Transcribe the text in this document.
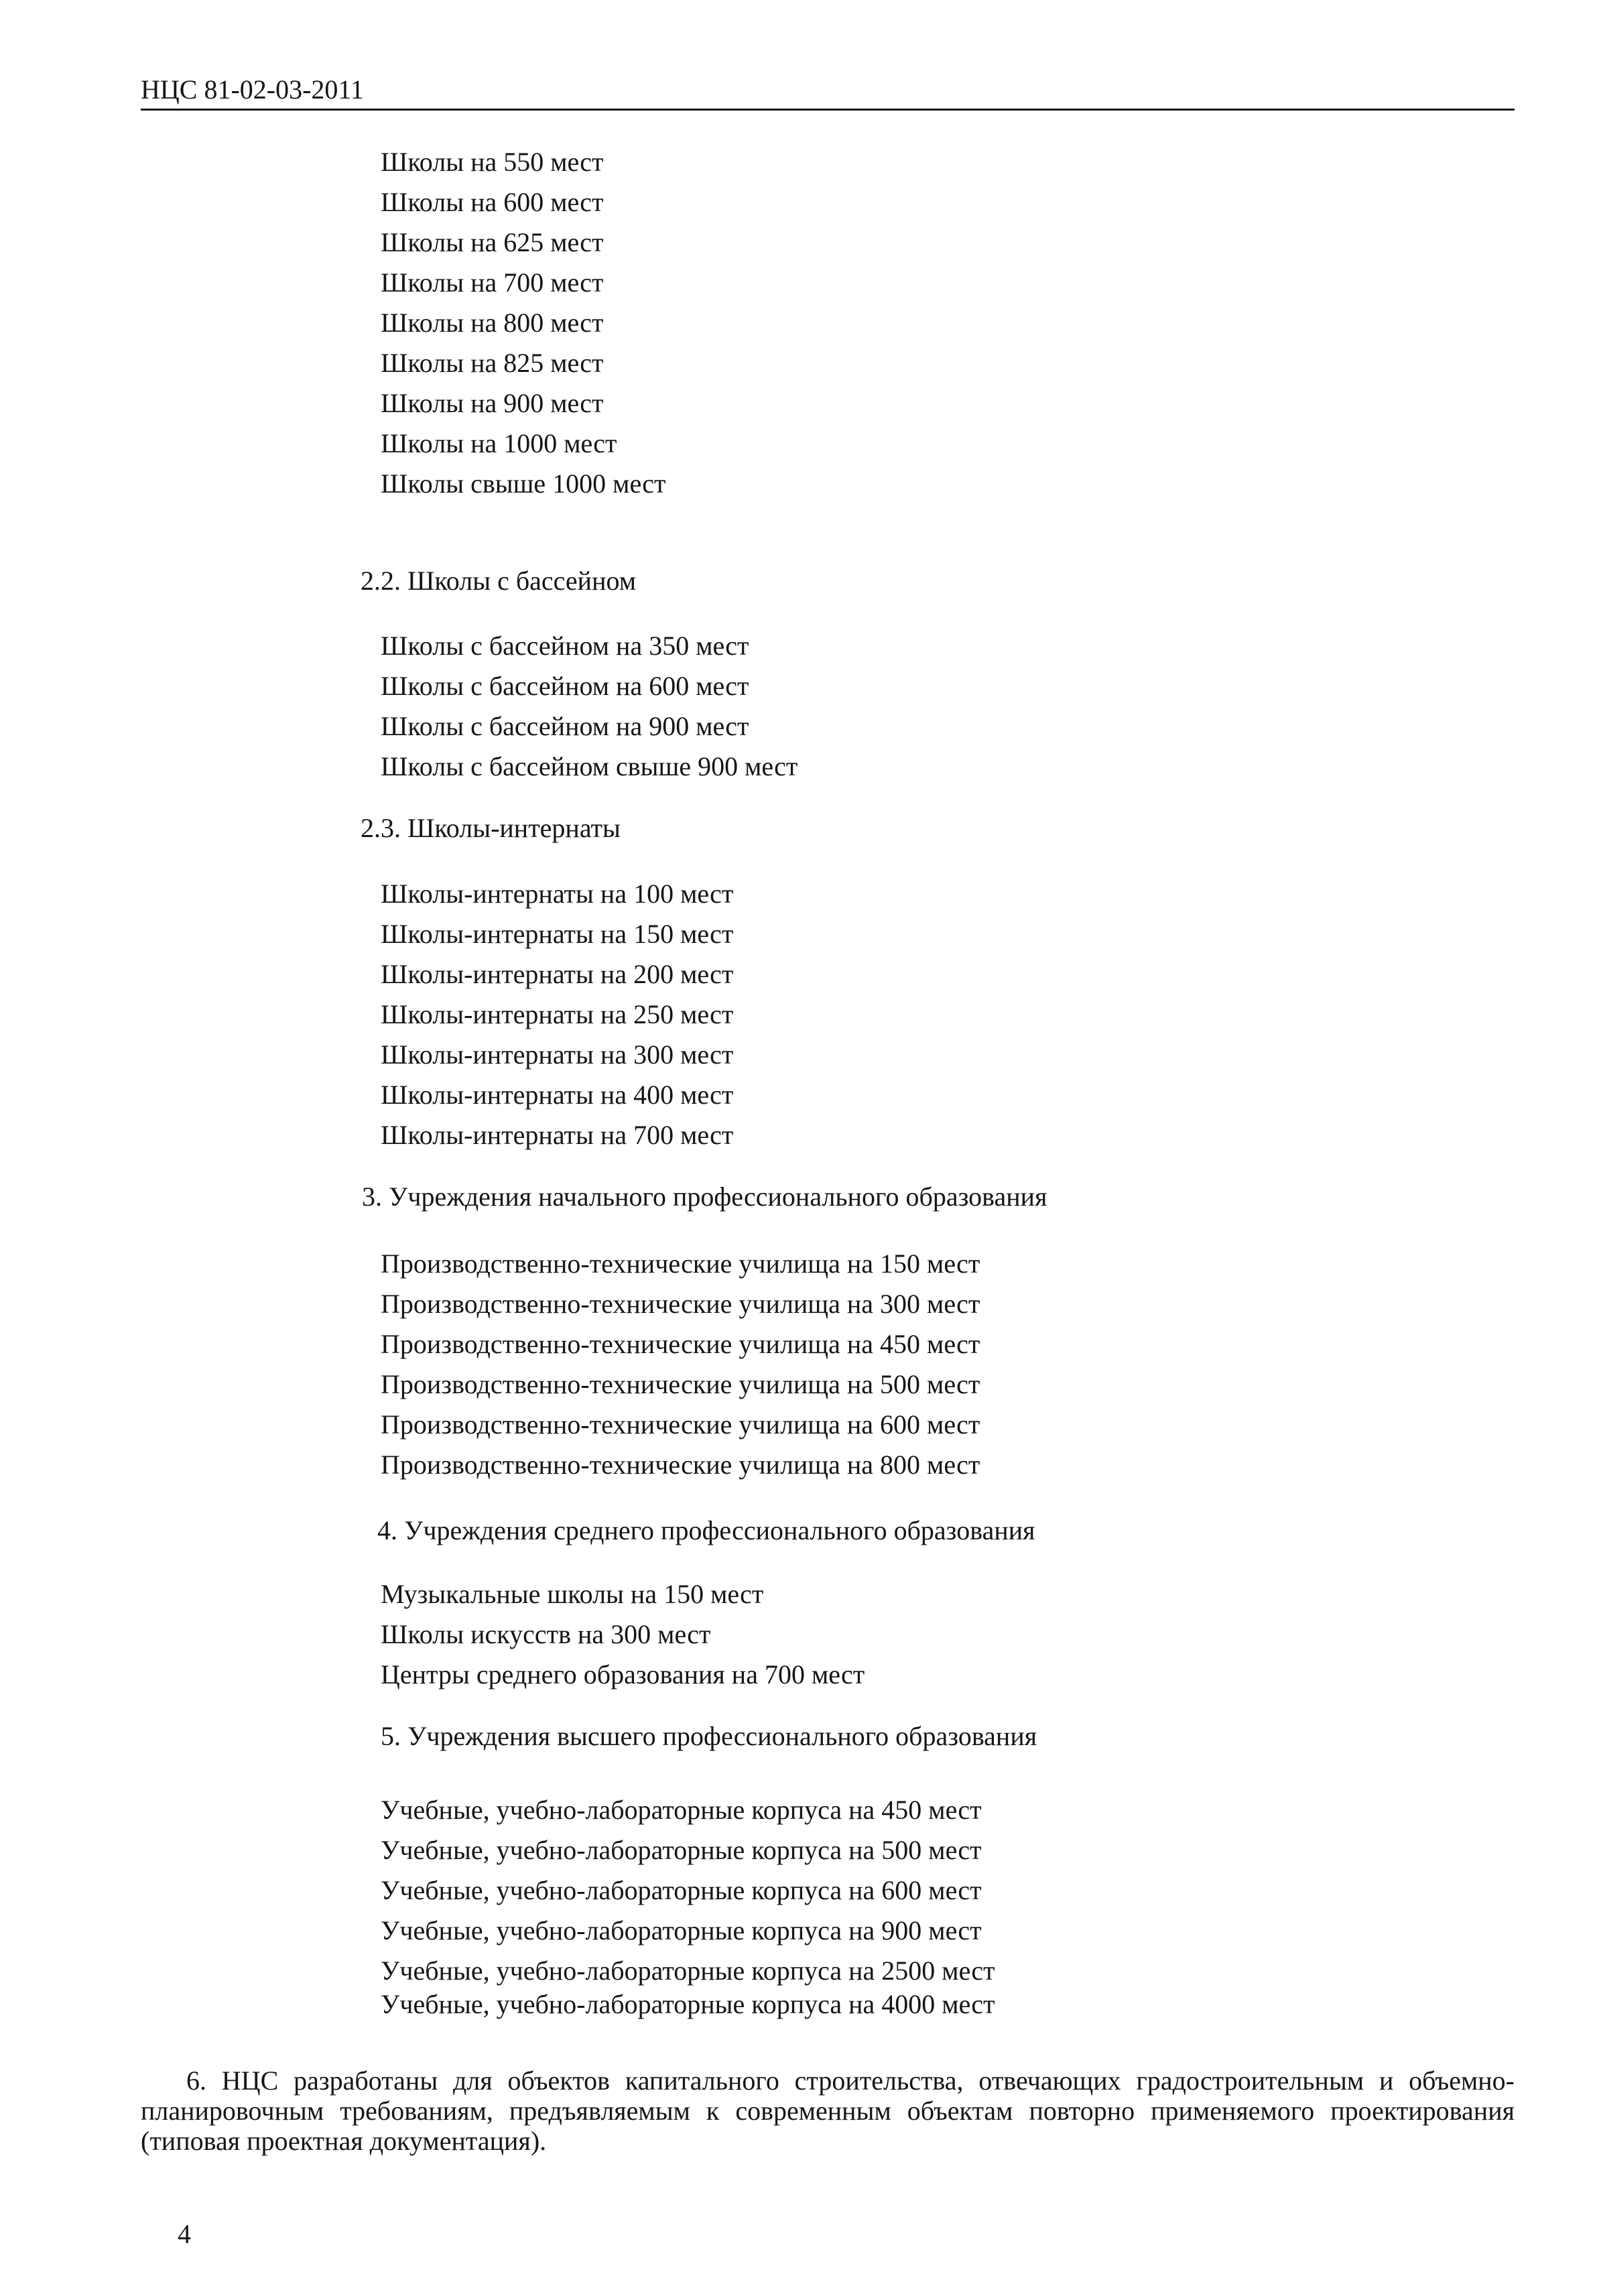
НЦС 81-02-03-2011
Школы на 550 мест
Школы на 600 мест
Школы на 625 мест
Школы на 700 мест
Школы на 800 мест
Школы на 825 мест
Школы на 900 мест
Школы на 1000 мест
Школы свыше 1000 мест
2.2. Школы с бассейном
Школы с бассейном на 350 мест
Школы с бассейном на 600 мест
Школы с бассейном на 900 мест
Школы с бассейном свыше 900 мест
2.3. Школы-интернаты
Школы-интернаты на 100 мест
Школы-интернаты на 150 мест
Школы-интернаты на 200 мест
Школы-интернаты на 250 мест
Школы-интернаты на 300 мест
Школы-интернаты на 400 мест
Школы-интернаты на 700 мест
3. Учреждения начального профессионального образования
Производственно-технические училища на 150 мест
Производственно-технические училища на 300 мест
Производственно-технические училища на 450 мест
Производственно-технические училища на 500 мест
Производственно-технические училища на 600 мест
Производственно-технические училища на 800 мест
4. Учреждения среднего профессионального образования
Музыкальные школы на 150 мест
Школы искусств на 300 мест
Центры среднего образования на 700 мест
5. Учреждения высшего профессионального образования
Учебные, учебно-лабораторные корпуса на 450 мест
Учебные, учебно-лабораторные корпуса на 500 мест
Учебные, учебно-лабораторные корпуса на 600 мест
Учебные, учебно-лабораторные корпуса на 900 мест
Учебные, учебно-лабораторные корпуса на 2500 мест
Учебные, учебно-лабораторные корпуса на 4000 мест
6. НЦС разработаны для объектов капитального строительства, отвечающих градостроительным и объемно-планировочным требованиям, предъявляемым к современным объектам повторно применяемого проектирования (типовая проектная документация).
4
